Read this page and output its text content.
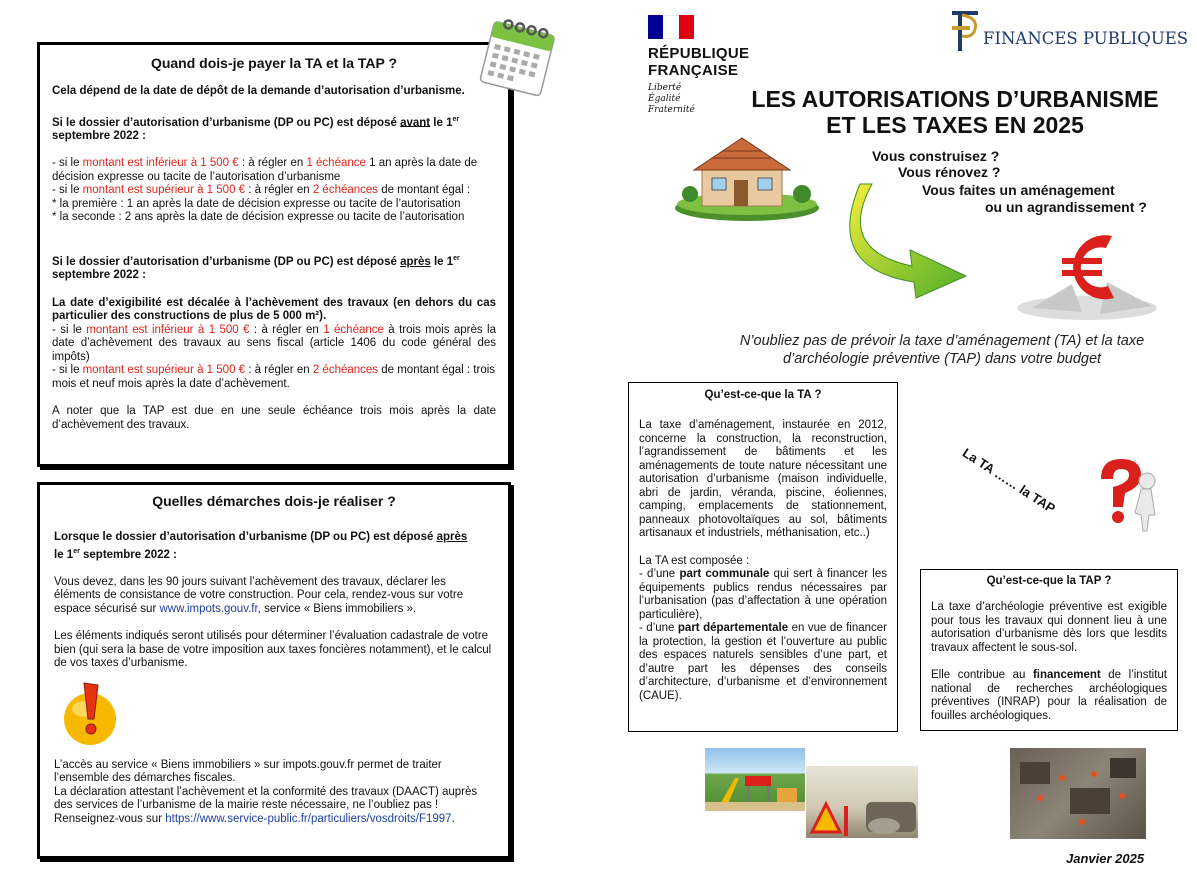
Quand dois-je payer la TA et la TAP ?

Cela dépend de la date de dépôt de la demande d’autorisation d’urbanisme.

Si le dossier d’autorisation d’urbanisme (DP ou PC) est déposé avant le 1er
septembre 2022 :

- si le montant est inférieur à 1 500 € : à régler en 1 échéance 1 an après la date de décision expresse ou tacite de l’autorisation d’urbanisme

- si le montant est supérieur à 1 500 € : à régler en 2 échéances de montant égal :

* la première : 1 an après la date de décision expresse ou tacite de l’autorisation

* la seconde : 2 ans après la date de décision expresse ou tacite de l’autorisation

Si le dossier d’autorisation d’urbanisme (DP ou PC) est déposé après le 1er
septembre 2022 :

La date d’exigibilité est décalée à l’achèvement des travaux (en dehors du cas particulier des constructions de plus de 5 000 m²).

- si le montant est inférieur à 1 500 € : à régler en 1 échéance à trois mois après la date d’achèvement des travaux au sens fiscal (article 1406 du code général des impôts)

- si le montant est supérieur à 1 500 € : à régler en 2 échéances de montant égal : trois mois et neuf mois après la date d’achèvement.

A noter que la TAP est due en une seule échéance trois mois après la date d’achèvement des travaux.

Quelles démarches dois-je réaliser ?

Lorsque le dossier d’autorisation d’urbanisme (DP ou PC) est déposé après
le 1er septembre 2022 :

Vous devez, dans les 90 jours suivant l’achèvement des travaux, déclarer les éléments de consistance de votre construction. Pour cela, rendez-vous sur votre espace sécurisé sur www.impots.gouv.fr, service « Biens immobiliers ».

Les éléments indiqués seront utilisés pour déterminer l’évaluation cadastrale de votre bien (qui sera la base de votre imposition aux taxes foncières notamment), et le calcul de vos taxes d’urbanisme.

L’accès au service « Biens immobiliers » sur impots.gouv.fr permet de traiter l’ensemble des démarches fiscales.

La déclaration attestant l’achèvement et la conformité des travaux (DAACT) auprès des services de l’urbanisme de la mairie reste nécessaire, ne l’oubliez pas !

Renseignez-vous sur https://www.service-public.fr/particuliers/vosdroits/F1997.

RÉPUBLIQUE
FRANÇAISE
Liberté
Égalité
Fraternité
FINANCES PUBLIQUES
LES AUTORISATIONS D’URBANISME
ET LES TAXES EN 2025
Vous construisez ?
Vous rénovez ?
Vous faites un aménagement
ou un agrandissement ?
N’oubliez pas de prévoir la taxe d’aménagement (TA) et la taxe d’archéologie préventive (TAP) dans votre budget
Qu’est-ce-que la TA ?

La taxe d’aménagement, instaurée en 2012, concerne la construction, la reconstruction, l’agrandissement de bâtiments et les aménagements de toute nature nécessitant une autorisation d’urbanisme (maison individuelle, abri de jardin, véranda, piscine, éoliennes, camping, emplacements de stationnement, panneaux photovoltaïques au sol, bâtiments artisanaux et industriels, méthanisation, etc..)

La TA est composée :

- d’une part communale qui sert à financer les équipements publics rendus nécessaires par l’urbanisation (pas d’affectation à une opération particulière),

- d’une part départementale en vue de financer la protection, la gestion et l’ouverture au public des espaces naturels sensibles d’une part, et d’autre part les dépenses des conseils d’architecture, d’urbanisme et d’environnement (CAUE).

La TA …… la TAP
Qu’est-ce-que la TAP ?

La taxe d’archéologie préventive est exigible pour tous les travaux qui donnent lieu à une autorisation d’urbanisme dès lors que lesdits travaux affectent le sous-sol.

Elle contribue au financement de l’institut national de recherches archéologiques préventives (INRAP) pour la réalisation de fouilles archéologiques.

Janvier 2025
